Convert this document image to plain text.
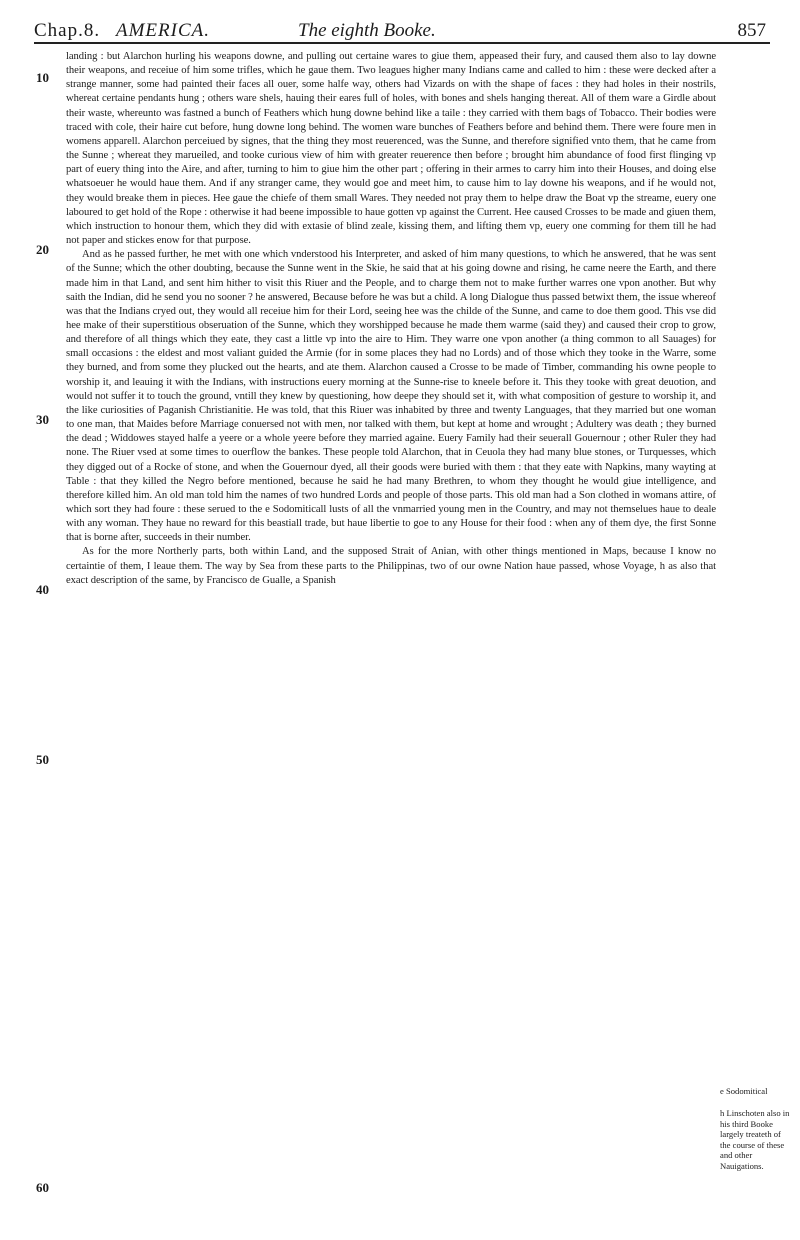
Chap.8. AMERICA.	The eighth Booke.	857
10
20
30
40
50
60

landing : but Alarchon hurling his weapons downe, and pulling out certaine wares to giue them, appeased their fury, and caused them also to lay downe their weapons, and receiue of him some trifles, which he gaue them. Two leagues higher many Indians came and called to him : these were decked after a strange manner, some had painted their faces all ouer, some halfe way, others had Vizards on with the shape of faces : they had holes in their nostrils, whereat certaine pendants hung ; others ware shels, hauing their eares full of holes, with bones and shels hanging thereat. All of them ware a Girdle about their waste, whereunto was fastned a bunch of Feathers which hung downe behind like a taile : they carried with them bags of Tobacco. Their bodies were traced with cole, their haire cut before, hung downe long behind. The women ware bunches of Feathers before and behind them. There were foure men in womens apparell. Alarchon perceiued by signes, that the thing they most reuerenced, was the Sunne, and therefore signified vnto them, that he came from the Sunne ; whereat they marueiled, and tooke curious view of him with greater reuerence then before ; brought him abundance of food first flinging vp part of euery thing into the Aire, and after, turning to him to giue him the other part ; offering in their armes to carry him into their Houses, and doing else whatsoeuer he would haue them. And if any stranger came, they would goe and meet him, to cause him to lay downe his weapons, and if he would not, they would breake them in pieces. Hee gaue the chiefe of them small Wares. They needed not pray them to helpe draw the Boat vp the streame, euery one laboured to get hold of the Rope : otherwise it had beene impossible to haue gotten vp against the Current. Hee caused Crosses to be made and giuen them, which instruction to honour them, which they did with extasie of blind zeale, kissing them, and lifting them vp, euery one comming for them till he had not paper and stickes enow for that purpose.

And as he passed further, he met with one which vnderstood his Interpreter, and asked of him many questions, to which he answered, that he was sent of the Sunne; which the other doubting, because the Sunne went in the Skie, he said that at his going downe and rising, he came neere the Earth, and there made him in that Land, and sent him hither to visit this Riuer and the People, and to charge them not to make further warres one vpon another. But why saith the Indian, did he send you no sooner ? he answered, Because before he was but a child. A long Dialogue thus passed betwixt them, the issue whereof was that the Indians cryed out, they would all receiue him for their Lord, seeing hee was the childe of the Sunne, and came to doe them good. This vse did hee make of their superstitious obseruation of the Sunne, which they worshipped because he made them warme (said they) and caused their crop to grow, and therefore of all things which they eate, they cast a little vp into the aire to Him. They warre one vpon another (a thing common to all Sauages) for small occasions : the eldest and most valiant guided the Armie (for in some places they had no Lords) and of those which they tooke in the Warre, some they burned, and from some they plucked out the hearts, and ate them. Alarchon caused a Crosse to be made of Timber, commanding his owne people to worship it, and leauing it with the Indians, with instructions euery morning at the Sunne-rise to kneele before it. This they tooke with great deuotion, and would not suffer it to touch the ground, vntill they knew by questioning, how deepe they should set it, with what composition of gesture to worship it, and the like curiosities of Paganish Christianitie. He was told, that this Riuer was inhabited by three and twenty Languages, that they married but one woman to one man, that Maides before Marriage conuersed not with men, nor talked with them, but kept at home and wrought ; Adultery was death ; they burned the dead ; Widdowes stayed halfe a yeere or a whole yeere before they married againe. Euery Family had their seuerall Gouernour ; other Ruler they had none. The Riuer vsed at some times to ouerflow the bankes. These people told Alarchon, that in Ceuola they had many blue stones, or Turquesses, which they digged out of a Rocke of stone, and when the Gouernour dyed, all their goods were buried with them : that they eate with Napkins, many wayting at Table : that they killed the Negro before mentioned, because he said he had many Brethren, to whom they thought he would giue intelligence, and therefore killed him. An old man told him the names of two hundred Lords and people of those parts. This old man had a Son clothed in womans attire, of which sort they had foure : these serued to the e Sodomiticall lusts of all the vnmarried young men in the Country, and may not themselues haue to deale with any woman. They haue no reward for this beastiall trade, but haue libertie to goe to any House for their food : when any of them dye, the first Sonne that is borne after, succeeds in their number.

As for the more Northerly parts, both within Land, and the supposed Strait of Anian, with other things mentioned in Maps, because I know no certaintie of them, I leaue them. The way by Sea from these parts to the Philippinas, two of our owne Nation haue passed, whose Voyage, h as also that exact description of the same, by Francisco de Gualle, a Spanish

e Sodomitical
h Linschoten also in his third Booke largely treateth of the course of these and other Nauigations.
